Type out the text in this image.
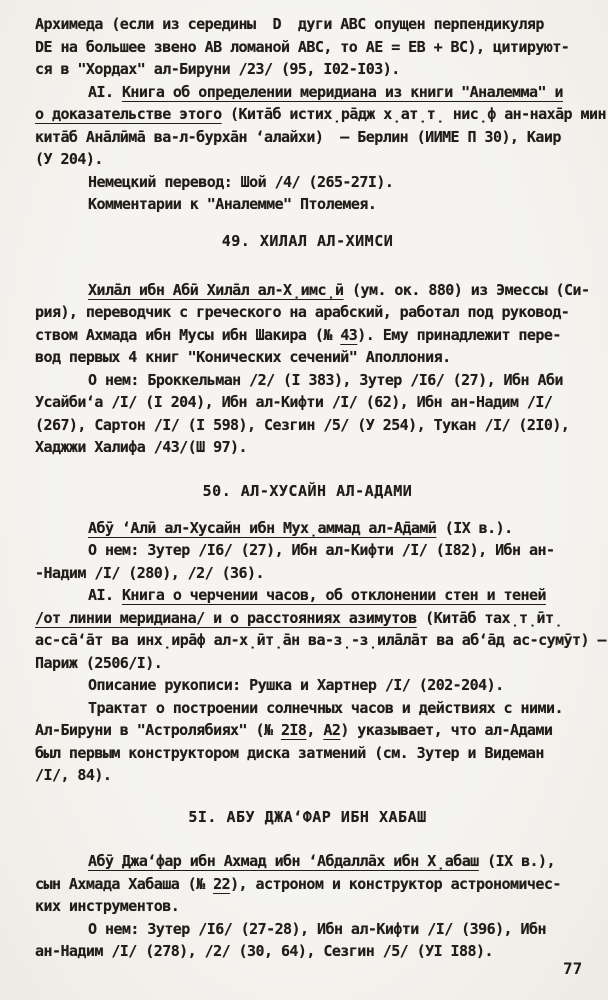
Архимеда (если из середины  D  дуги АВС опущен перпендикуляр
DE на большее звено АВ ломаной АВС, то АЕ = ЕВ + ВС), цитируют-
ся в "Хордах" ал-Бируни /23/ (95, I02-I03).
АI. Книга об определении меридиана из книги "Аналемма" и
о доказательстве этого (Кита̄б истих̣ра̄дж х̣ат̣т̣ нис̣ф ан-наха̄р мин
кита̄б Ана̄лӣма̄ ва-л-бурха̄н ‘алайхи)  – Берлин (ИИМЕ П 30), Каир
(У 204).
Немецкий перевод: Шой /4/ (265-27I).
Комментарии к "Аналемме" Птолемея.
49. ХИЛАЛ АЛ-ХИМСИ
Хила̄л ибн Абӣ Хила̄л ал-Х̣имс̣ӣ (ум. ок. 880) из Эмессы (Си-
рия), переводчик с греческого на арабский, работал под руковод-
ством Ахмада ибн Мусы ибн Шакира (№ 43). Ему принадлежит пере-
вод первых 4 книг "Конических сечений" Аполлония.
О нем: Броккельман /2/ (I 383), Зутер /I6/ (27), Ибн Аби
Усайби‘а /I/ (I 204), Ибн ал-Кифти /I/ (62), Ибн ан-Надим /I/
(267), Сартон /I/ (I 598), Сезгин /5/ (У 254), Тукан /I/ (2I0),
Хаджжи Халифа /43/(Ш 97).
50. АЛ-ХУСАЙН АЛ-АДАМИ
Абӯ ‘Алӣ ал-Хусайн ибн Мух̣аммад ал-А̄дамӣ (IX в.).
О нем: Зутер /I6/ (27), Ибн ал-Кифти /I/ (I82), Ибн ан-
-Надим /I/ (280), /2/ (36).
АI. Книга о черчении часов, об отклонении стен и теней
/от линии меридиана/ и о расстояниях азимутов (Кита̄б тах̣т̣ӣт̣
ас-са̄‘а̄т ва инх̣ира̄ф ал-х̣ӣт̣а̄н ва-з̣-з̣ила̄ла̄т ва аб‘а̄д ас-сумӯт) –
Париж (2506/I).
Описание рукописи: Рушка и Хартнер /I/ (202-204).
Трактат о построении солнечных часов и действиях с ними.
Ал-Бируни в "Астролябиях" (№ 2I8, А2) указывает, что ал-Адами
был первым конструктором диска затмений (см. Зутер и Видеман
/I/, 84).
5I. АБУ ДЖА‘ФАР ИБН ХАБАШ
Абӯ Джа‘фар ибн Ахмад ибн ‘Абдалла̄х ибн Х̣абаш (IX в.),
сын Ахмада Хабаша (№ 22), астроном и конструктор астрономичес-
ких инструментов.
О нем: Зутер /I6/ (27-28), Ибн ал-Кифти /I/ (396), Ибн
ан-Надим /I/ (278), /2/ (30, 64), Сезгин /5/ (УI I88).
77
